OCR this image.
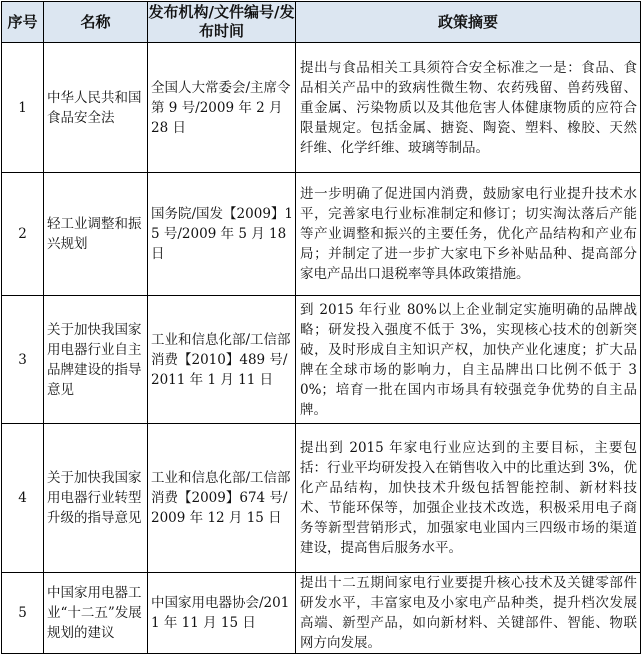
序号	名称	发布机构/文件编号/发布时间	政策摘要
1	中华人民共和国食品安全法	全国人大常委会/主席令第 9 号/2009 年 2 月 28 日	提出与食品相关工具须符合安全标准之一是：食品、食品相关产品中的致病性微生物、农药残留、兽药残留、重金属、污染物质以及其他危害人体健康物质的应符合限量规定。包括金属、搪瓷、陶瓷、塑料、橡胶、天然纤维、化学纤维、玻璃等制品。
2	轻工业调整和振兴规划	国务院/国发【2009】15 号/2009 年 5 月 18 日	进一步明确了促进国内消费，鼓励家电行业提升技术水平，完善家电行业标准制定和修订；切实淘汰落后产能等产业调整和振兴的主要任务，优化产品结构和产业布局；并制定了进一步扩大家电下乡补贴品种、提高部分家电产品出口退税率等具体政策措施。
3	关于加快我国家用电器行业自主品牌建设的指导意见	工业和信息化部/工信部消费【2010】489 号/2011 年 1 月 11 日	到 2015 年行业 80%以上企业制定实施明确的品牌战略；研发投入强度不低于 3%，实现核心技术的创新突破，及时形成自主知识产权，加快产业化速度；扩大品牌在全球市场的影响力，自主品牌出口比例不低于 30%；培育一批在国内市场具有较强竞争优势的自主品牌。
4	关于加快我国家用电器行业转型升级的指导意见	工业和信息化部/工信部消费【2009】674 号/2009 年 12 月 15 日	提出到 2015 年家电行业应达到的主要目标，主要包括：行业平均研发投入在销售收入中的比重达到 3%，优化产品结构，加快技术升级包括智能控制、新材料技术、节能环保等，加强企业技术改选，积极采用电子商务等新型营销形式，加强家电业国内三四级市场的渠道建设，提高售后服务水平。
5	中国家用电器工业“十二五”发展规划的建议	中国家用电器协会/2011 年 11 月 15 日	提出十二五期间家电行业要提升核心技术及关键零部件研发水平，丰富家电及小家电产品种类，提升档次发展高端、新型产品，如向新材料、关键部件、智能、物联网方向发展。
